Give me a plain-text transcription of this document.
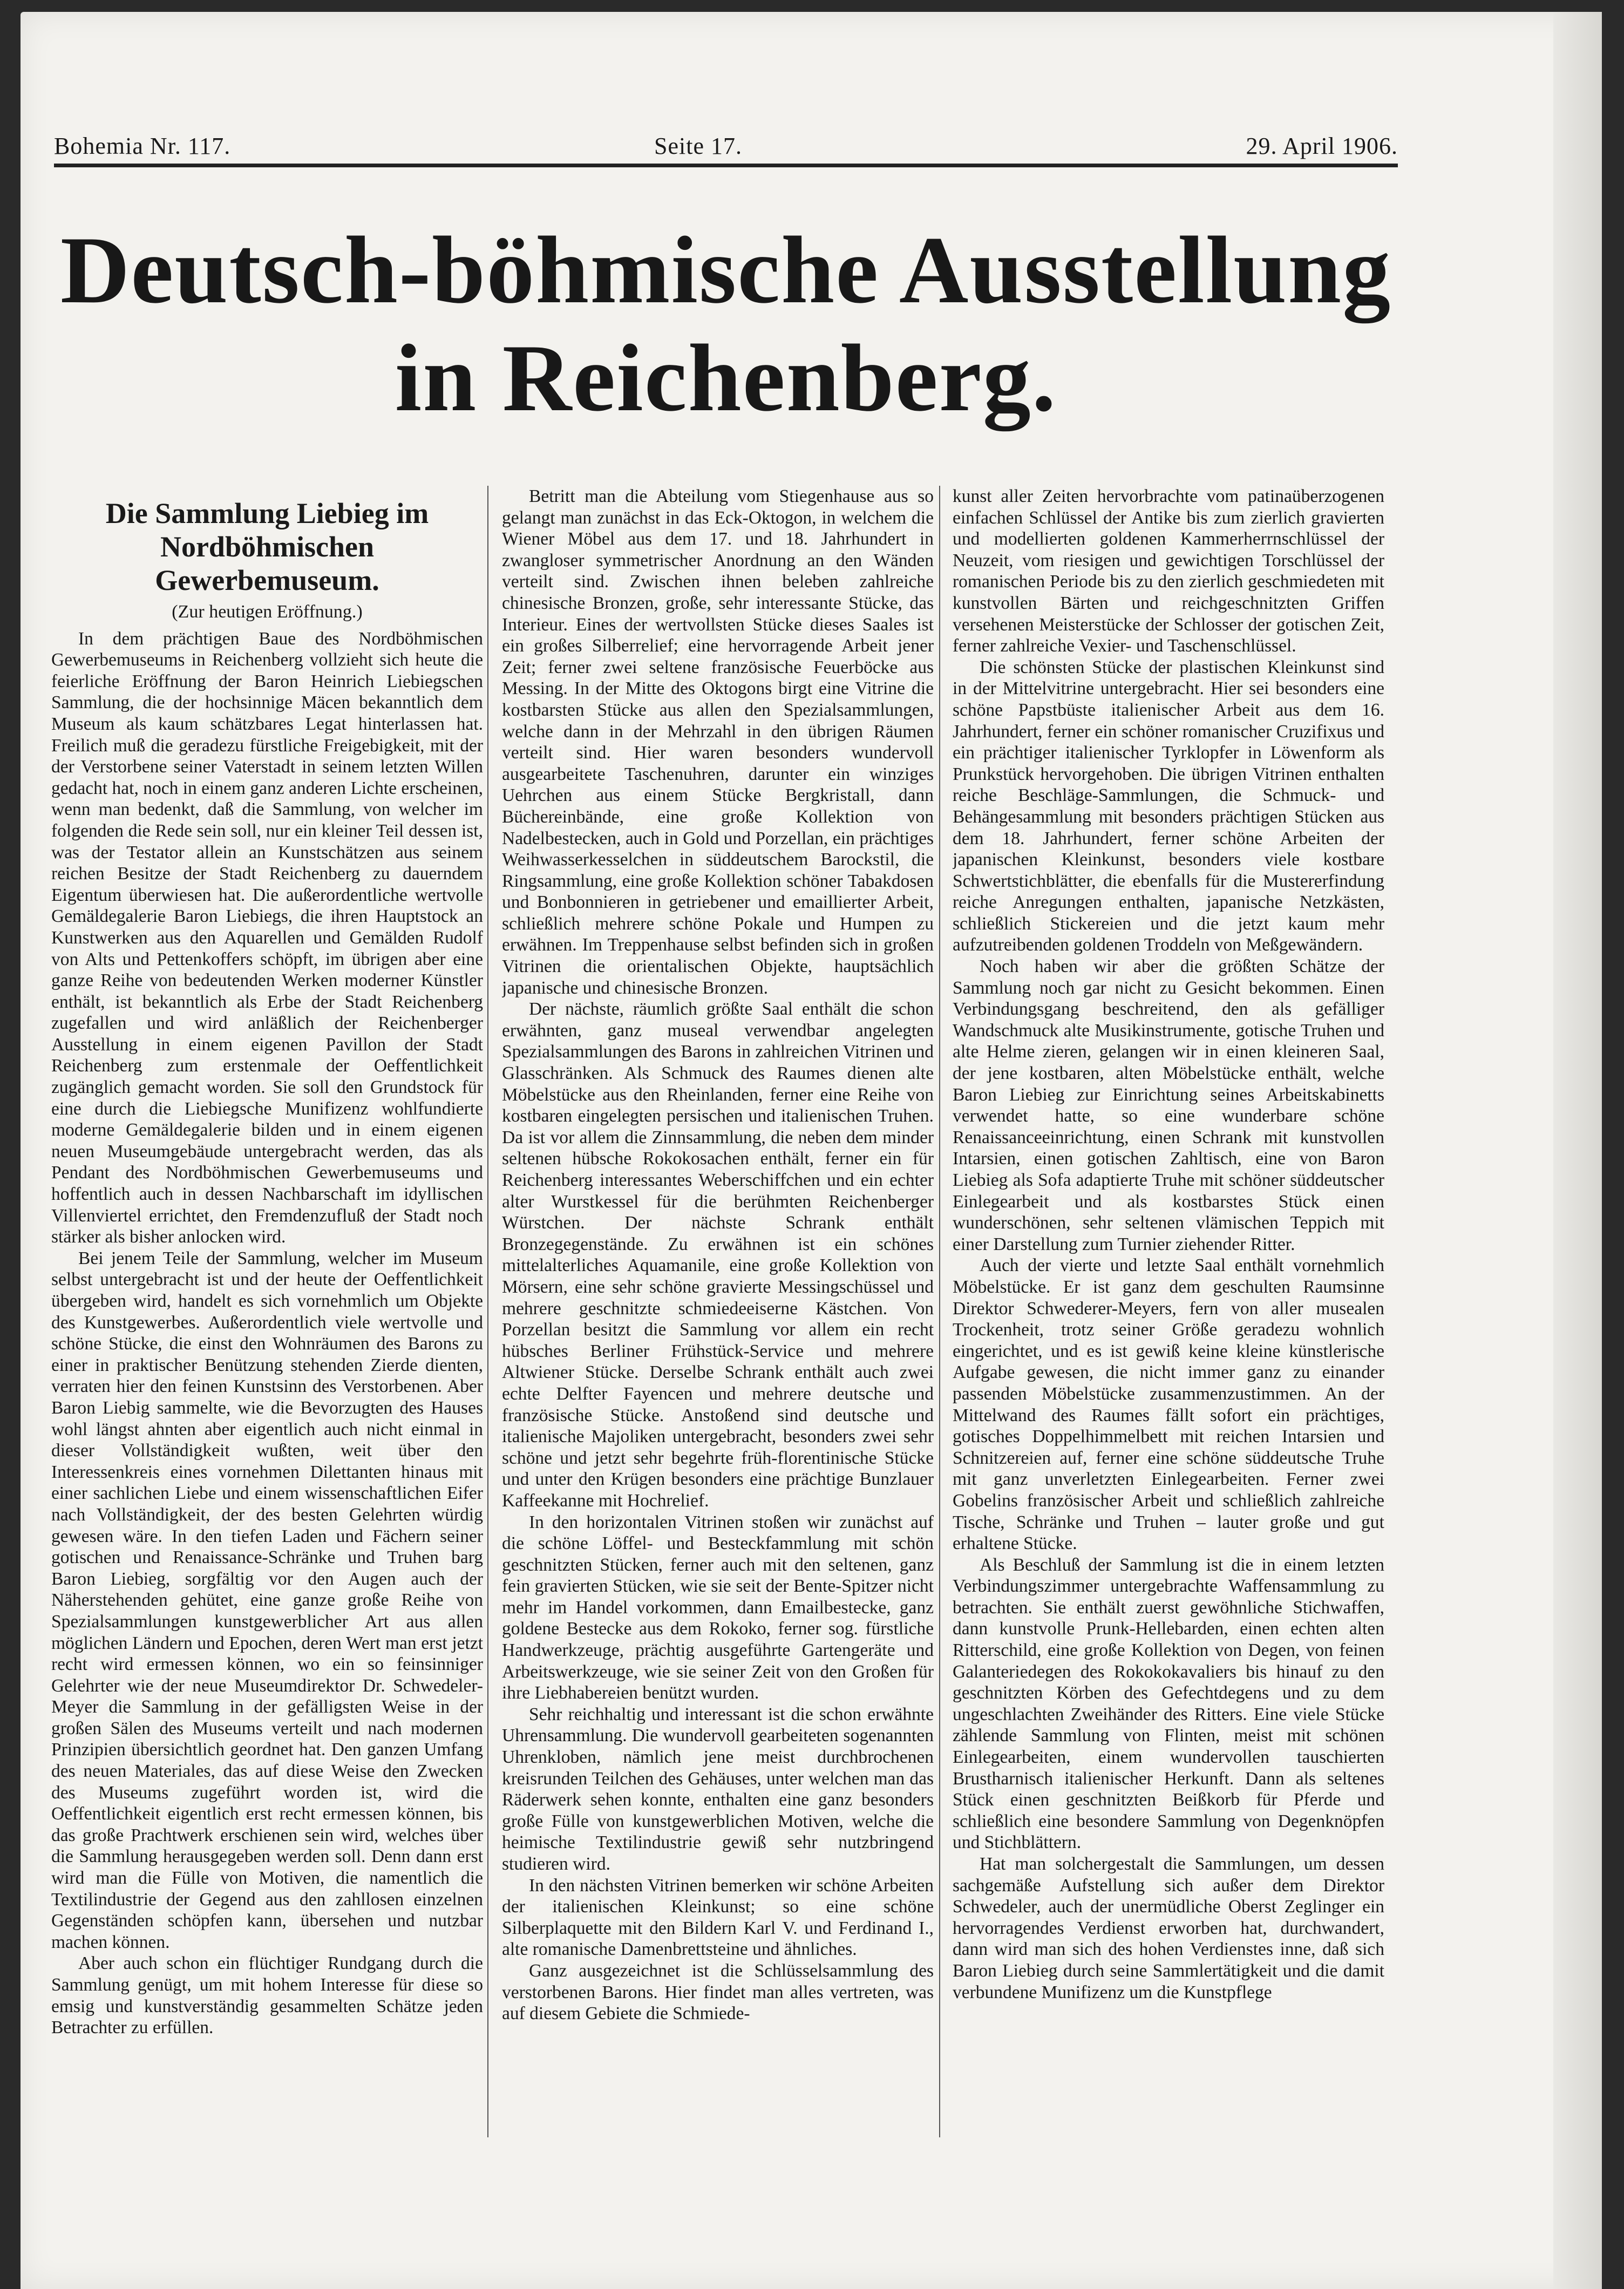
Bohemia Nr. 117.	Seite 17.	29. April 1906.
Deutsch-böhmische Ausstellung
in Reichenberg.
Die Sammlung Liebieg im Nordböhmischen Gewerbemuseum.
(Zur heutigen Eröffnung.)

In dem prächtigen Baue des Nordböhmischen Gewerbemuseums in Reichenberg vollzieht sich heute die feierliche Eröffnung der Baron Heinrich Liebiegschen Sammlung, die der hochsinnige Mäcen bekanntlich dem Museum als kaum schätzbares Legat hinterlassen hat. Freilich muß die geradezu fürstliche Freigebigkeit, mit der der Verstorbene seiner Vaterstadt in seinem letzten Willen gedacht hat, noch in einem ganz anderen Lichte erscheinen, wenn man bedenkt, daß die Sammlung, von welcher im folgenden die Rede sein soll, nur ein kleiner Teil dessen ist, was der Testator allein an Kunstschätzen aus seinem reichen Besitze der Stadt Reichenberg zu dauerndem Eigentum überwiesen hat. Die außerordentliche wertvolle Gemäldegalerie Baron Liebiegs, die ihren Hauptstock an Kunstwerken aus den Aquarellen und Gemälden Rudolf von Alts und Pettenkoffers schöpft, im übrigen aber eine ganze Reihe von bedeutenden Werken moderner Künstler enthält, ist bekanntlich als Erbe der Stadt Reichenberg zugefallen und wird anläßlich der Reichenberger Ausstellung in einem eigenen Pavillon der Stadt Reichenberg zum erstenmale der Oeffentlichkeit zugänglich gemacht worden. Sie soll den Grundstock für eine durch die Liebiegsche Munifizenz wohlfundierte moderne Gemäldegalerie bilden und in einem eigenen neuen Museumgebäude untergebracht werden, das als Pendant des Nordböhmischen Gewerbemuseums und hoffentlich auch in dessen Nachbarschaft im idyllischen Villenviertel errichtet, den Fremdenzufluß der Stadt noch stärker als bisher anlocken wird.

Bei jenem Teile der Sammlung, welcher im Museum selbst untergebracht ist und der heute der Oeffentlichkeit übergeben wird, handelt es sich vornehmlich um Objekte des Kunstgewerbes. Außerordentlich viele wertvolle und schöne Stücke, die einst den Wohnräumen des Barons zu einer in praktischer Benützung stehenden Zierde dienten, verraten hier den feinen Kunstsinn des Verstorbenen. Aber Baron Liebig sammelte, wie die Bevorzugten des Hauses wohl längst ahnten aber eigentlich auch nicht einmal in dieser Vollständigkeit wußten, weit über den Interessenkreis eines vornehmen Dilettanten hinaus mit einer sachlichen Liebe und einem wissenschaftlichen Eifer nach Vollständigkeit, der des besten Gelehrten würdig gewesen wäre. In den tiefen Laden und Fächern seiner gotischen und Renaissance-Schränke und Truhen barg Baron Liebieg, sorgfältig vor den Augen auch der Näherstehenden gehütet, eine ganze große Reihe von Spezialsammlungen kunstgewerblicher Art aus allen möglichen Ländern und Epochen, deren Wert man erst jetzt recht wird ermessen können, wo ein so feinsinniger Gelehrter wie der neue Museumdirektor Dr. Schwedeler-Meyer die Sammlung in der gefälligsten Weise in der großen Sälen des Museums verteilt und nach modernen Prinzipien übersichtlich geordnet hat. Den ganzen Umfang des neuen Materiales, das auf diese Weise den Zwecken des Museums zugeführt worden ist, wird die Oeffentlichkeit eigentlich erst recht ermessen können, bis das große Prachtwerk erschienen sein wird, welches über die Sammlung herausgegeben werden soll. Denn dann erst wird man die Fülle von Motiven, die namentlich die Textilindustrie der Gegend aus den zahllosen einzelnen Gegenständen schöpfen kann, übersehen und nutzbar machen können.

Aber auch schon ein flüchtiger Rundgang durch die Sammlung genügt, um mit hohem Interesse für diese so emsig und kunstverständig gesammelten Schätze jeden Betrachter zu erfüllen.

Betritt man die Abteilung vom Stiegenhause aus so gelangt man zunächst in das Eck-Oktogon, in welchem die Wiener Möbel aus dem 17. und 18. Jahrhundert in zwangloser symmetrischer Anordnung an den Wänden verteilt sind. Zwischen ihnen beleben zahlreiche chinesische Bronzen, große, sehr interessante Stücke, das Interieur. Eines der wertvollsten Stücke dieses Saales ist ein großes Silberrelief; eine hervorragende Arbeit jener Zeit; ferner zwei seltene französische Feuerböcke aus Messing. In der Mitte des Oktogons birgt eine Vitrine die kostbarsten Stücke aus allen den Spezialsammlungen, welche dann in der Mehrzahl in den übrigen Räumen verteilt sind. Hier waren besonders wundervoll ausgearbeitete Taschenuhren, darunter ein winziges Uehrchen aus einem Stücke Bergkristall, dann Büchereinbände, eine große Kollektion von Nadelbestecken, auch in Gold und Porzellan, ein prächtiges Weihwasserkesselchen in süddeutschem Barockstil, die Ringsammlung, eine große Kollektion schöner Tabakdosen und Bonbonnieren in getriebener und emaillierter Arbeit, schließlich mehrere schöne Pokale und Humpen zu erwähnen. Im Treppenhause selbst befinden sich in großen Vitrinen die orientalischen Objekte, hauptsächlich japanische und chinesische Bronzen.

Der nächste, räumlich größte Saal enthält die schon erwähnten, ganz museal verwendbar angelegten Spezialsammlungen des Barons in zahlreichen Vitrinen und Glasschränken. Als Schmuck des Raumes dienen alte Möbelstücke aus den Rheinlanden, ferner eine Reihe von kostbaren eingelegten persischen und italienischen Truhen. Da ist vor allem die Zinnsammlung, die neben dem minder seltenen hübsche Rokokosachen enthält, ferner ein für Reichenberg interessantes Weberschiffchen und ein echter alter Wurstkessel für die berühmten Reichenberger Würstchen. Der nächste Schrank enthält Bronzegegenstände. Zu erwähnen ist ein schönes mittelalterliches Aquamanile, eine große Kollektion von Mörsern, eine sehr schöne gravierte Messingschüssel und mehrere geschnitzte schmiedeeiserne Kästchen. Von Porzellan besitzt die Sammlung vor allem ein recht hübsches Berliner Frühstück-Service und mehrere Altwiener Stücke. Derselbe Schrank enthält auch zwei echte Delfter Fayencen und mehrere deutsche und französische Stücke. Anstoßend sind deutsche und italienische Majoliken untergebracht, besonders zwei sehr schöne und jetzt sehr begehrte früh-florentinische Stücke und unter den Krügen besonders eine prächtige Bunzlauer Kaffeekanne mit Hochrelief.

In den horizontalen Vitrinen stoßen wir zunächst auf die schöne Löffel- und Besteckfammlung mit schön geschnitzten Stücken, ferner auch mit den seltenen, ganz fein gravierten Stücken, wie sie seit der Bente-Spitzer nicht mehr im Handel vorkommen, dann Emailbestecke, ganz goldene Bestecke aus dem Rokoko, ferner sog. fürstliche Handwerkzeuge, prächtig ausgeführte Gartengeräte und Arbeitswerkzeuge, wie sie seiner Zeit von den Großen für ihre Liebhabereien benützt wurden.

Sehr reichhaltig und interessant ist die schon erwähnte Uhrensammlung. Die wundervoll gearbeiteten sogenannten Uhrenkloben, nämlich jene meist durchbrochenen kreisrunden Teilchen des Gehäuses, unter welchen man das Räderwerk sehen konnte, enthalten eine ganz besonders große Fülle von kunstgewerblichen Motiven, welche die heimische Textilindustrie gewiß sehr nutzbringend studieren wird.

In den nächsten Vitrinen bemerken wir schöne Arbeiten der italienischen Kleinkunst; so eine schöne Silberplaquette mit den Bildern Karl V. und Ferdinand I., alte romanische Damenbrettsteine und ähnliches.

Ganz ausgezeichnet ist die Schlüsselsammlung des verstorbenen Barons. Hier findet man alles vertreten, was auf diesem Gebiete die Schmiede-

kunst aller Zeiten hervorbrachte vom patinaüberzogenen einfachen Schlüssel der Antike bis zum zierlich gravierten und modellierten goldenen Kammerherrnschlüssel der Neuzeit, vom riesigen und gewichtigen Torschlüssel der romanischen Periode bis zu den zierlich geschmiedeten mit kunstvollen Bärten und reichgeschnitzten Griffen versehenen Meisterstücke der Schlosser der gotischen Zeit, ferner zahlreiche Vexier- und Taschenschlüssel.

Die schönsten Stücke der plastischen Kleinkunst sind in der Mittelvitrine untergebracht. Hier sei besonders eine schöne Papstbüste italienischer Arbeit aus dem 16. Jahrhundert, ferner ein schöner romanischer Cruzifixus und ein prächtiger italienischer Tyrklopfer in Löwenform als Prunkstück hervorgehoben. Die übrigen Vitrinen enthalten reiche Beschläge-Sammlungen, die Schmuck- und Behängesammlung mit besonders prächtigen Stücken aus dem 18. Jahrhundert, ferner schöne Arbeiten der japanischen Kleinkunst, besonders viele kostbare Schwertstichblätter, die ebenfalls für die Mustererfindung reiche Anregungen enthalten, japanische Netzkästen, schließlich Stickereien und die jetzt kaum mehr aufzutreibenden goldenen Troddeln von Meßgewändern.

Noch haben wir aber die größten Schätze der Sammlung noch gar nicht zu Gesicht bekommen. Einen Verbindungsgang beschreitend, den als gefälliger Wandschmuck alte Musikinstrumente, gotische Truhen und alte Helme zieren, gelangen wir in einen kleineren Saal, der jene kostbaren, alten Möbelstücke enthält, welche Baron Liebieg zur Einrichtung seines Arbeitskabinetts verwendet hatte, so eine wunderbare schöne Renaissanceeinrichtung, einen Schrank mit kunstvollen Intarsien, einen gotischen Zahltisch, eine von Baron Liebieg als Sofa adaptierte Truhe mit schöner süddeutscher Einlegearbeit und als kostbarstes Stück einen wunderschönen, sehr seltenen vlämischen Teppich mit einer Darstellung zum Turnier ziehender Ritter.

Auch der vierte und letzte Saal enthält vornehmlich Möbelstücke. Er ist ganz dem geschulten Raumsinne Direktor Schwederer-Meyers, fern von aller musealen Trockenheit, trotz seiner Größe geradezu wohnlich eingerichtet, und es ist gewiß keine kleine künstlerische Aufgabe gewesen, die nicht immer ganz zu einander passenden Möbelstücke zusammenzustimmen. An der Mittelwand des Raumes fällt sofort ein prächtiges, gotisches Doppelhimmelbett mit reichen Intarsien und Schnitzereien auf, ferner eine schöne süddeutsche Truhe mit ganz unverletzten Einlegearbeiten. Ferner zwei Gobelins französischer Arbeit und schließlich zahlreiche Tische, Schränke und Truhen – lauter große und gut erhaltene Stücke.

Als Beschluß der Sammlung ist die in einem letzten Verbindungszimmer untergebrachte Waffensammlung zu betrachten. Sie enthält zuerst gewöhnliche Stichwaffen, dann kunstvolle Prunk-Hellebarden, einen echten alten Ritterschild, eine große Kollektion von Degen, von feinen Galanteriedegen des Rokokokavaliers bis hinauf zu den geschnitzten Körben des Gefechtdegens und zu dem ungeschlachten Zweihänder des Ritters. Eine viele Stücke zählende Sammlung von Flinten, meist mit schönen Einlegearbeiten, einem wundervollen tauschierten Brustharnisch italienischer Herkunft. Dann als seltenes Stück einen geschnitzten Beißkorb für Pferde und schließlich eine besondere Sammlung von Degenknöpfen und Stichblättern.

Hat man solchergestalt die Sammlungen, um dessen sachgemäße Aufstellung sich außer dem Direktor Schwedeler, auch der unermüdliche Oberst Zeglinger ein hervorragendes Verdienst erworben hat, durchwandert, dann wird man sich des hohen Verdienstes inne, daß sich Baron Liebieg durch seine Sammlertätigkeit und die damit verbundene Munifizenz um die Kunstpflege
